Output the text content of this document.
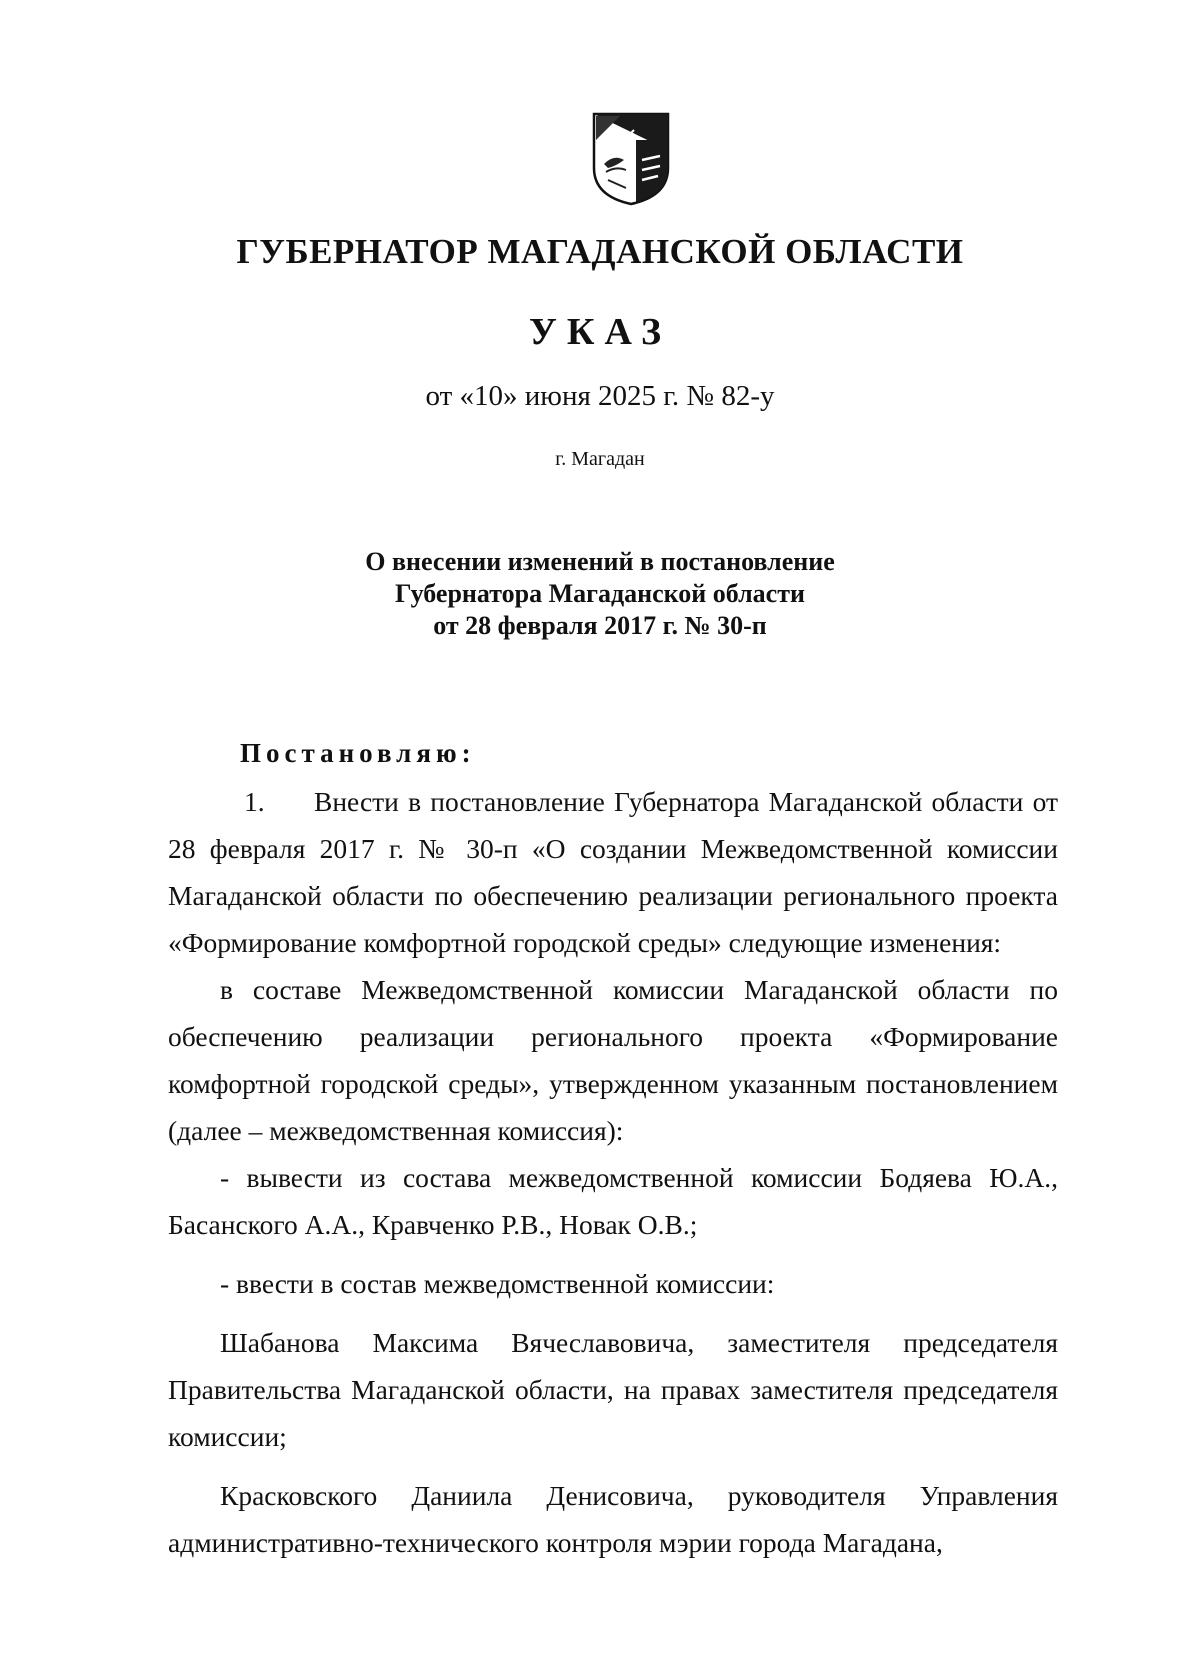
ГУБЕРНАТОР МАГАДАНСКОЙ ОБЛАСТИ
УКАЗ
от «10» июня 2025 г. № 82-у
г. Магадан
О внесении изменений в постановление
Губернатора Магаданской области
от 28 февраля 2017 г. № 30-п
Постановляю:

1. Внести в постановление Губернатора Магаданской области от 28 февраля 2017 г. № 30-п «О создании Межведомственной комиссии Магаданской области по обеспечению реализации регионального проекта «Формирование комфортной городской среды» следующие изменения:

в составе Межведомственной комиссии Магаданской области по обеспечению реализации регионального проекта «Формирование комфортной городской среды», утвержденном указанным постановлением (далее – межведомственная комиссия):

- вывести из состава межведомственной комиссии Бодяева Ю.А., Басанского А.А., Кравченко Р.В., Новак О.В.;

- ввести в состав межведомственной комиссии:

Шабанова Максима Вячеславовича, заместителя председателя Правительства Магаданской области, на правах заместителя председателя комиссии;

Красковского Даниила Денисовича, руководителя Управления административно-технического контроля мэрии города Магадана,
